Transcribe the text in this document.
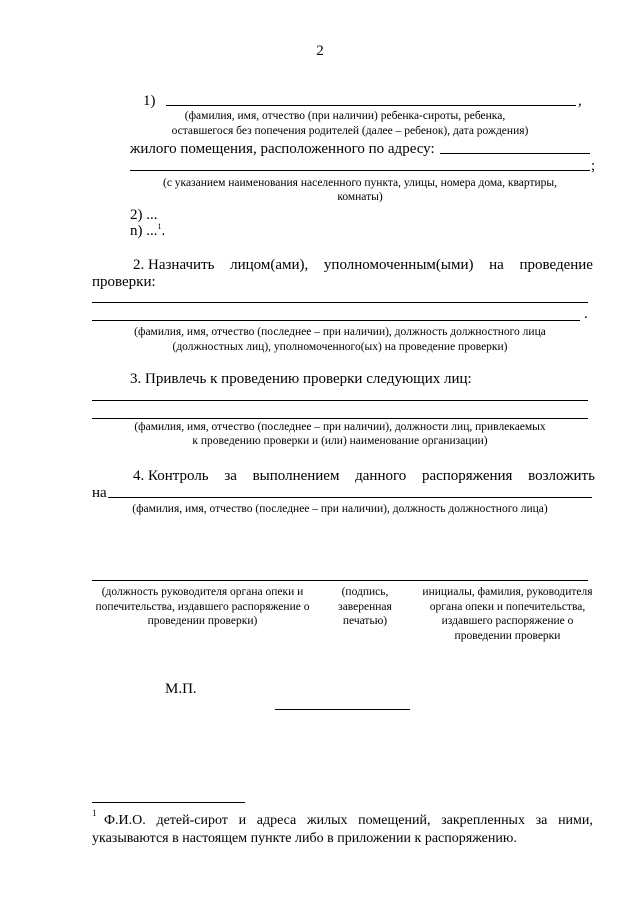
2
1)	,
(фамилия, имя, отчество (при наличии) ребенка-сироты, ребенка,
оставшегося без попечения родителей (далее – ребенок), дата рождения)
жилого помещения, расположенного по адресу:
;
(с указанием наименования населенного пункта, улицы, номера дома, квартиры,
комнаты)
2) ...
n) ...$^1$.
2. Назначить лицом(ами), уполномоченным(ыми) на проведение
проверки:
.
(фамилия, имя, отчество (последнее – при наличии), должность должностного лица
(должностных лиц), уполномоченного(ых) на проведение проверки)
3. Привлечь к проведению проверки следующих лиц:
(фамилия, имя, отчество (последнее – при наличии), должности лиц, привлекаемых
к проведению проверки и (или) наименование организации)
4. Контроль за выполнением данного распоряжения возложить
на
(фамилия, имя, отчество (последнее – при наличии), должность должностного лица)
(должность руководителя органа опеки и попечительства, издавшего распоряжение о проведении проверки)
(подпись, заверенная печатью)
инициалы, фамилия, руководителя органа опеки и попечительства, издавшего распоряжение о проведении проверки
М.П.
1 Ф.И.О. детей-сирот и адреса жилых помещений, закрепленных за ними,
указываются в настоящем пункте либо в приложении к распоряжению.
